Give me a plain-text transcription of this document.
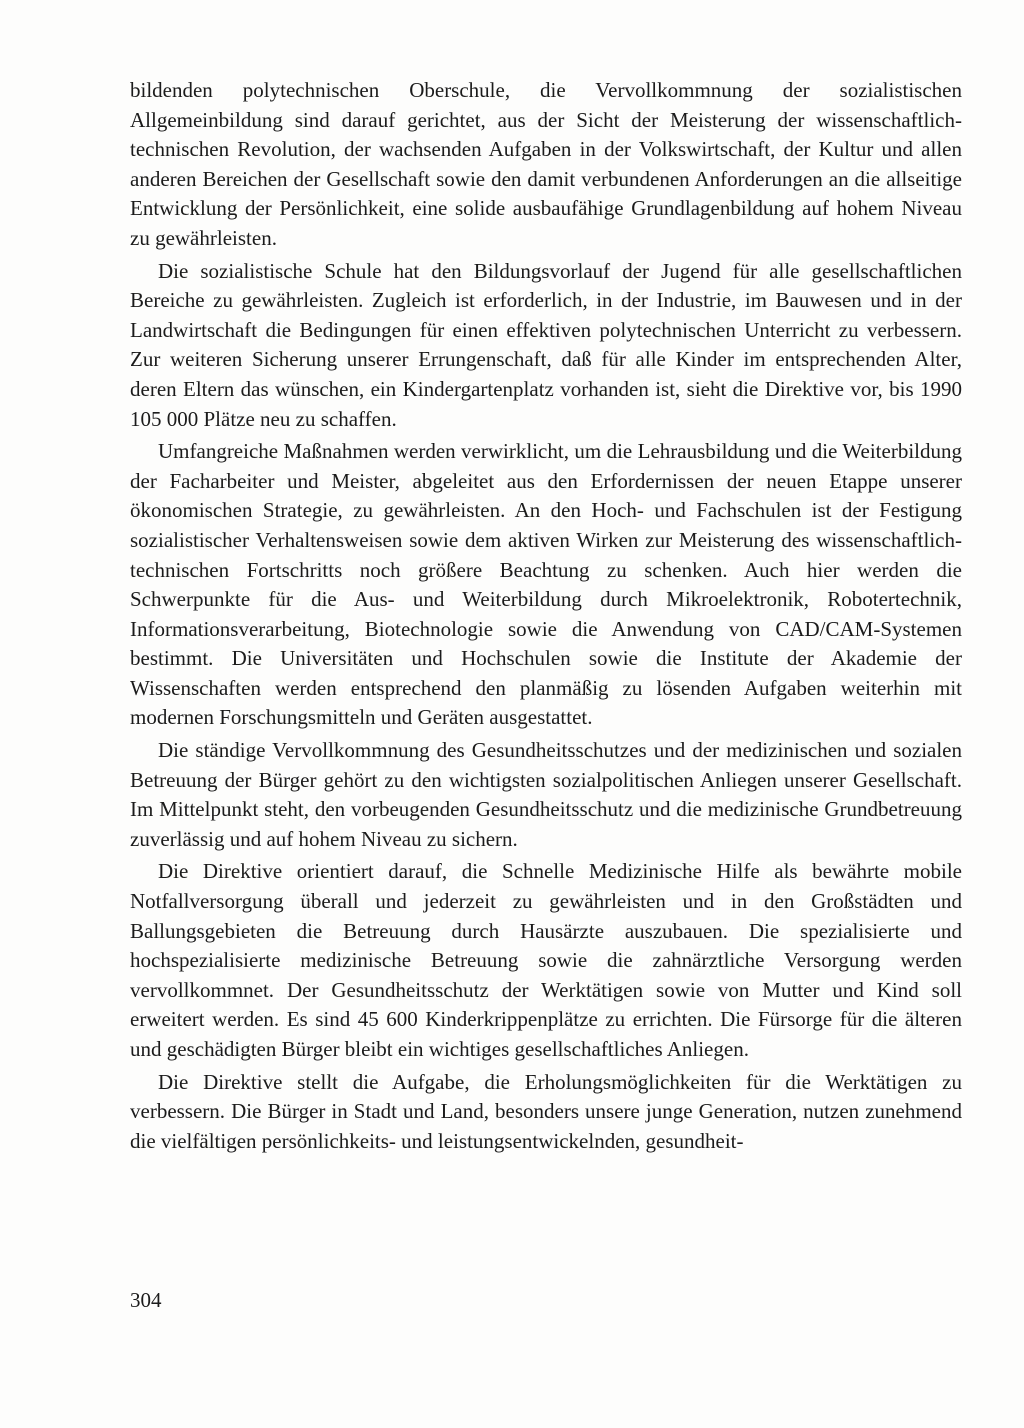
bildenden polytechnischen Oberschule, die Vervollkommnung der sozialistischen Allgemeinbildung sind darauf gerichtet, aus der Sicht der Meisterung der wissenschaftlich-technischen Revolution, der wachsenden Aufgaben in der Volkswirtschaft, der Kultur und allen anderen Bereichen der Gesellschaft sowie den damit verbundenen Anforderungen an die allseitige Entwicklung der Persönlichkeit, eine solide ausbaufähige Grundlagenbildung auf hohem Niveau zu gewährleisten.

Die sozialistische Schule hat den Bildungsvorlauf der Jugend für alle gesellschaftlichen Bereiche zu gewährleisten. Zugleich ist erforderlich, in der Industrie, im Bauwesen und in der Landwirtschaft die Bedingungen für einen effektiven polytechnischen Unterricht zu verbessern. Zur weiteren Sicherung unserer Errungenschaft, daß für alle Kinder im entsprechenden Alter, deren Eltern das wünschen, ein Kindergartenplatz vorhanden ist, sieht die Direktive vor, bis 1990 105 000 Plätze neu zu schaffen.

Umfangreiche Maßnahmen werden verwirklicht, um die Lehrausbildung und die Weiterbildung der Facharbeiter und Meister, abgeleitet aus den Erfordernissen der neuen Etappe unserer ökonomischen Strategie, zu gewährleisten. An den Hoch- und Fachschulen ist der Festigung sozialistischer Verhaltensweisen sowie dem aktiven Wirken zur Meisterung des wissenschaftlich-technischen Fortschritts noch größere Beachtung zu schenken. Auch hier werden die Schwerpunkte für die Aus- und Weiterbildung durch Mikroelektronik, Robotertechnik, Informationsverarbeitung, Biotechnologie sowie die Anwendung von CAD/CAM-Systemen bestimmt. Die Universitäten und Hochschulen sowie die Institute der Akademie der Wissenschaften werden entsprechend den planmäßig zu lösenden Aufgaben weiterhin mit modernen Forschungsmitteln und Geräten ausgestattet.

Die ständige Vervollkommnung des Gesundheitsschutzes und der medizinischen und sozialen Betreuung der Bürger gehört zu den wichtigsten sozialpolitischen Anliegen unserer Gesellschaft. Im Mittelpunkt steht, den vorbeugenden Gesundheitsschutz und die medizinische Grundbetreuung zuverlässig und auf hohem Niveau zu sichern.

Die Direktive orientiert darauf, die Schnelle Medizinische Hilfe als bewährte mobile Notfallversorgung überall und jederzeit zu gewährleisten und in den Großstädten und Ballungsgebieten die Betreuung durch Hausärzte auszubauen. Die spezialisierte und hochspezialisierte medizinische Betreuung sowie die zahnärztliche Versorgung werden vervollkommnet. Der Gesundheitsschutz der Werktätigen sowie von Mutter und Kind soll erweitert werden. Es sind 45 600 Kinderkrippenplätze zu errichten. Die Fürsorge für die älteren und geschädigten Bürger bleibt ein wichtiges gesellschaftliches Anliegen.

Die Direktive stellt die Aufgabe, die Erholungsmöglichkeiten für die Werktätigen zu verbessern. Die Bürger in Stadt und Land, besonders unsere junge Generation, nutzen zunehmend die vielfältigen persönlichkeits- und leistungsentwickelnden, gesundheit-

304
